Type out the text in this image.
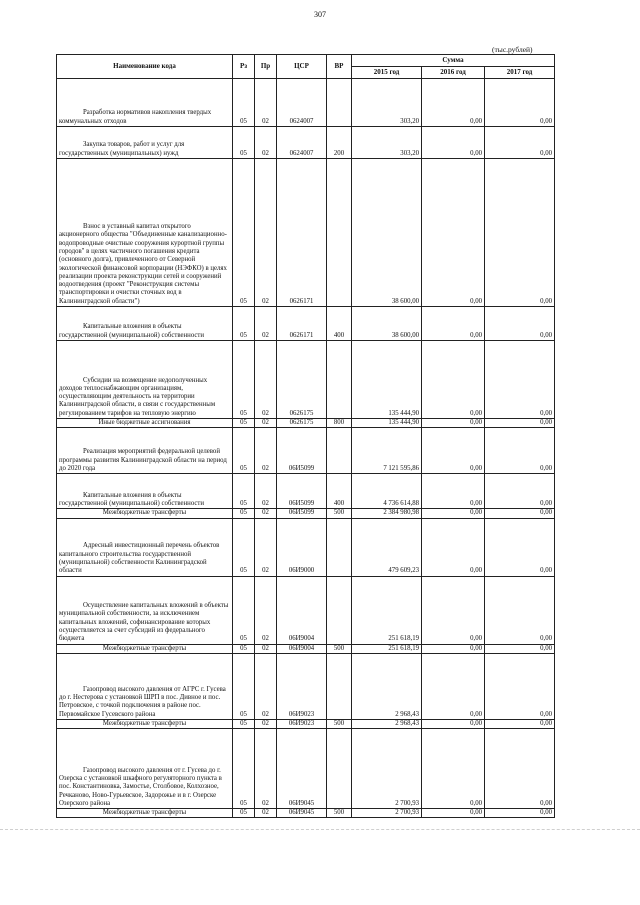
307
(тыс.рублей)
Наименование кода	Рз	Пр	ЦСР	ВР	Сумма		
					2015 год	2016 год	2017 год
Разработка нормативов накопления твердых коммунальных отходов	05	02	0624007		303,20	0,00	0,00
Закупка товаров, работ и услуг для государственных (муниципальных) нужд	05	02	0624007	200	303,20	0,00	0,00
Взнос в уставный капитал открытого акционерного общества "Объединенные канализационно-водопроводные очистные сооружения курортной группы городов" в целях частичного погашения кредита (основного долга), привлеченного от Северной экологической финансовой корпорации (НЭФКО) в целях реализации проекта реконструкции сетей и сооружений водоотведения (проект "Реконструкция системы транспортировки и очистки сточных вод в Калининградской области")	05	02	0626171		38 600,00	0,00	0,00
Капитальные вложения в объекты государственной (муниципальной) собственности	05	02	0626171	400	38 600,00	0,00	0,00
Субсидии на возмещение недополученных доходов теплоснабжающим организациям, осуществляющим деятельность на территории Калининградской области, в связи с государственным регулированием тарифов на тепловую энергию	05	02	0626175		135 444,90	0,00	0,00
Иные бюджетные ассигнования	05	02	0626175	800	135 444,90	0,00	0,00
Реализация мероприятий федеральной целевой программы развития Калининградской области на период до 2020 года	05	02	06И5099		7 121 595,86	0,00	0,00
Капитальные вложения в объекты государственной (муниципальной) собственности	05	02	06И5099	400	4 736 614,88	0,00	0,00
Межбюджетные трансферты	05	02	06И5099	500	2 384 980,98	0,00	0,00
Адресный инвестиционный перечень объектов капитального строительства государственной (муниципальной) собственности Калининградской области	05	02	06И9000		479 609,23	0,00	0,00
Осуществление капитальных вложений в объекты муниципальной собственности, за исключением капитальных вложений, софинансирование которых осуществляется за счет субсидий из федерального бюджета	05	02	06И9004		251 618,19	0,00	0,00
Межбюджетные трансферты	05	02	06И9004	500	251 618,19	0,00	0,00
Газопровод высокого давления от АГРС г. Гусева до г. Нестерова с установкой ШРП в пос. Дивное и пос. Петровское, с точкой подключения в районе пос. Первомайское Гусевского района	05	02	06И9023		2 968,43	0,00	0,00
Межбюджетные трансферты	05	02	06И9023	500	2 968,43	0,00	0,00
Газопровод высокого давления от г. Гусева до г. Озерска с установкой шкафного регуляторного пункта в пос. Константиновка, Замостье, Столбовое, Колхозное, Речканово, Ново-Гурьевское, Задорожье и в г. Озерске Озерского района	05	02	06И9045		2 700,93	0,00	0,00
Межбюджетные трансферты	05	02	06И9045	500	2 700,93	0,00	0,00
